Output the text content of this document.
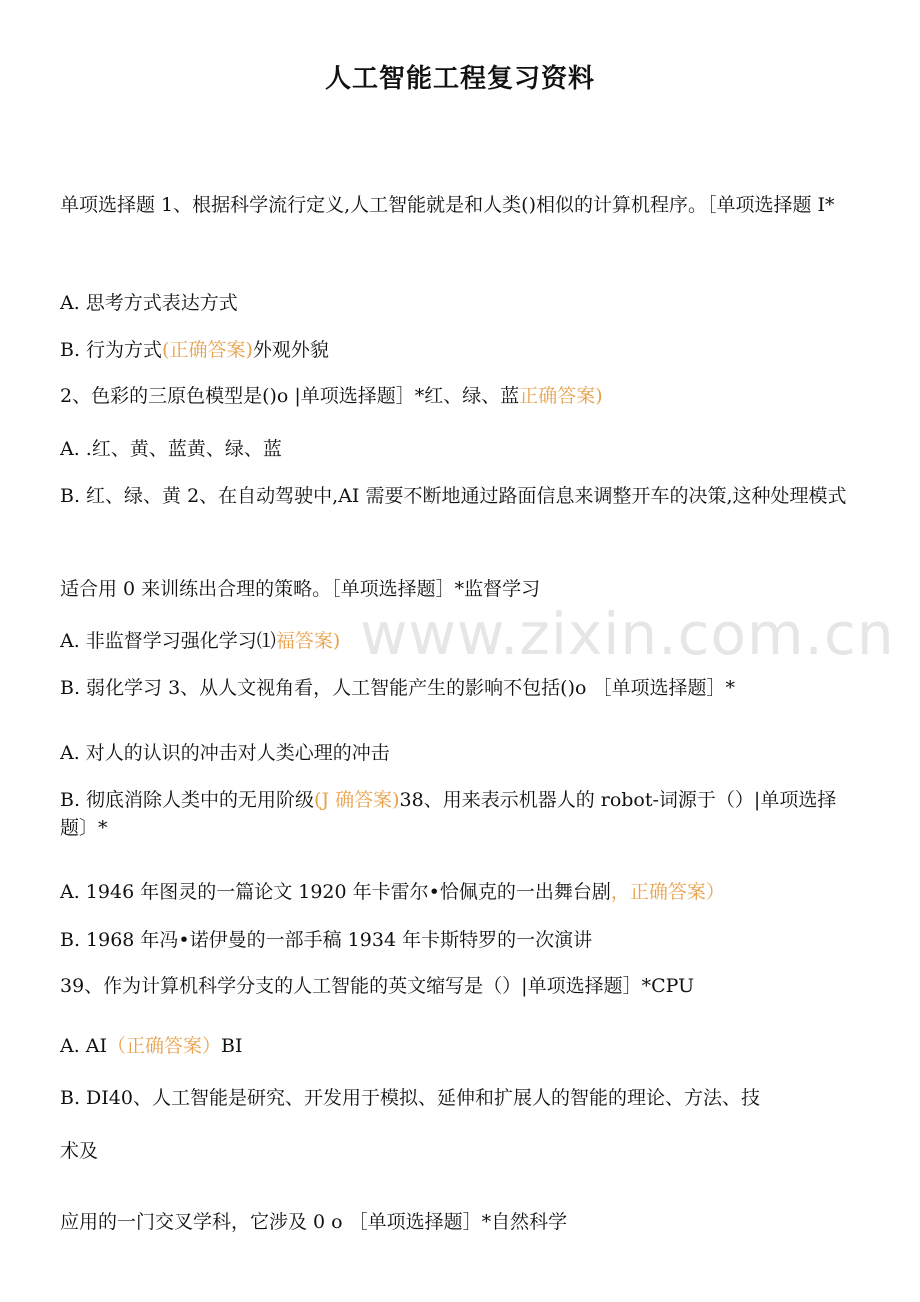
www.zixin.com.cn
人工智能工程复习资料
单项选择题 1、根据科学流行定义,人工智能就是和人类()相似的计算机程序。［单项选择题 I*
A. 思考方式表达方式
B. 行为方式(正确答案)外观外貌
2、色彩的三原色模型是()o |单项选择题］*红、绿、蓝正确答案)
A. .红、黄、蓝黄、绿、蓝
B. 红、绿、黄 2、在自动驾驶中,AI 需要不断地通过路面信息来调整开车的决策,这种处理模式
适合用 0 来训练出合理的策略。［单项选择题］*监督学习
A. 非监督学习强化学习⑴福答案)
B. 弱化学习 3、从人文视角看，人工智能产生的影响不包括()o ［单项选择题］*
A. 对人的认识的冲击对人类心理的冲击
B. 彻底消除人类中的无用阶级(J 确答案)38、用来表示机器人的 robot-词源于（）|单项选择题〕*
A. 1946 年图灵的一篇论文 1920 年卡雷尔•恰佩克的一出舞台剧，正确答案）
B. 1968 年冯•诺伊曼的一部手稿 1934 年卡斯特罗的一次演讲
39、作为计算机科学分支的人工智能的英文缩写是（）|单项选择题］*CPU
A. AI（正确答案）BI
B. DI40、人工智能是研究、开发用于模拟、延伸和扩展人的智能的理论、方法、技
术及
应用的一门交叉学科，它涉及 0 o ［单项选择题］*自然科学
